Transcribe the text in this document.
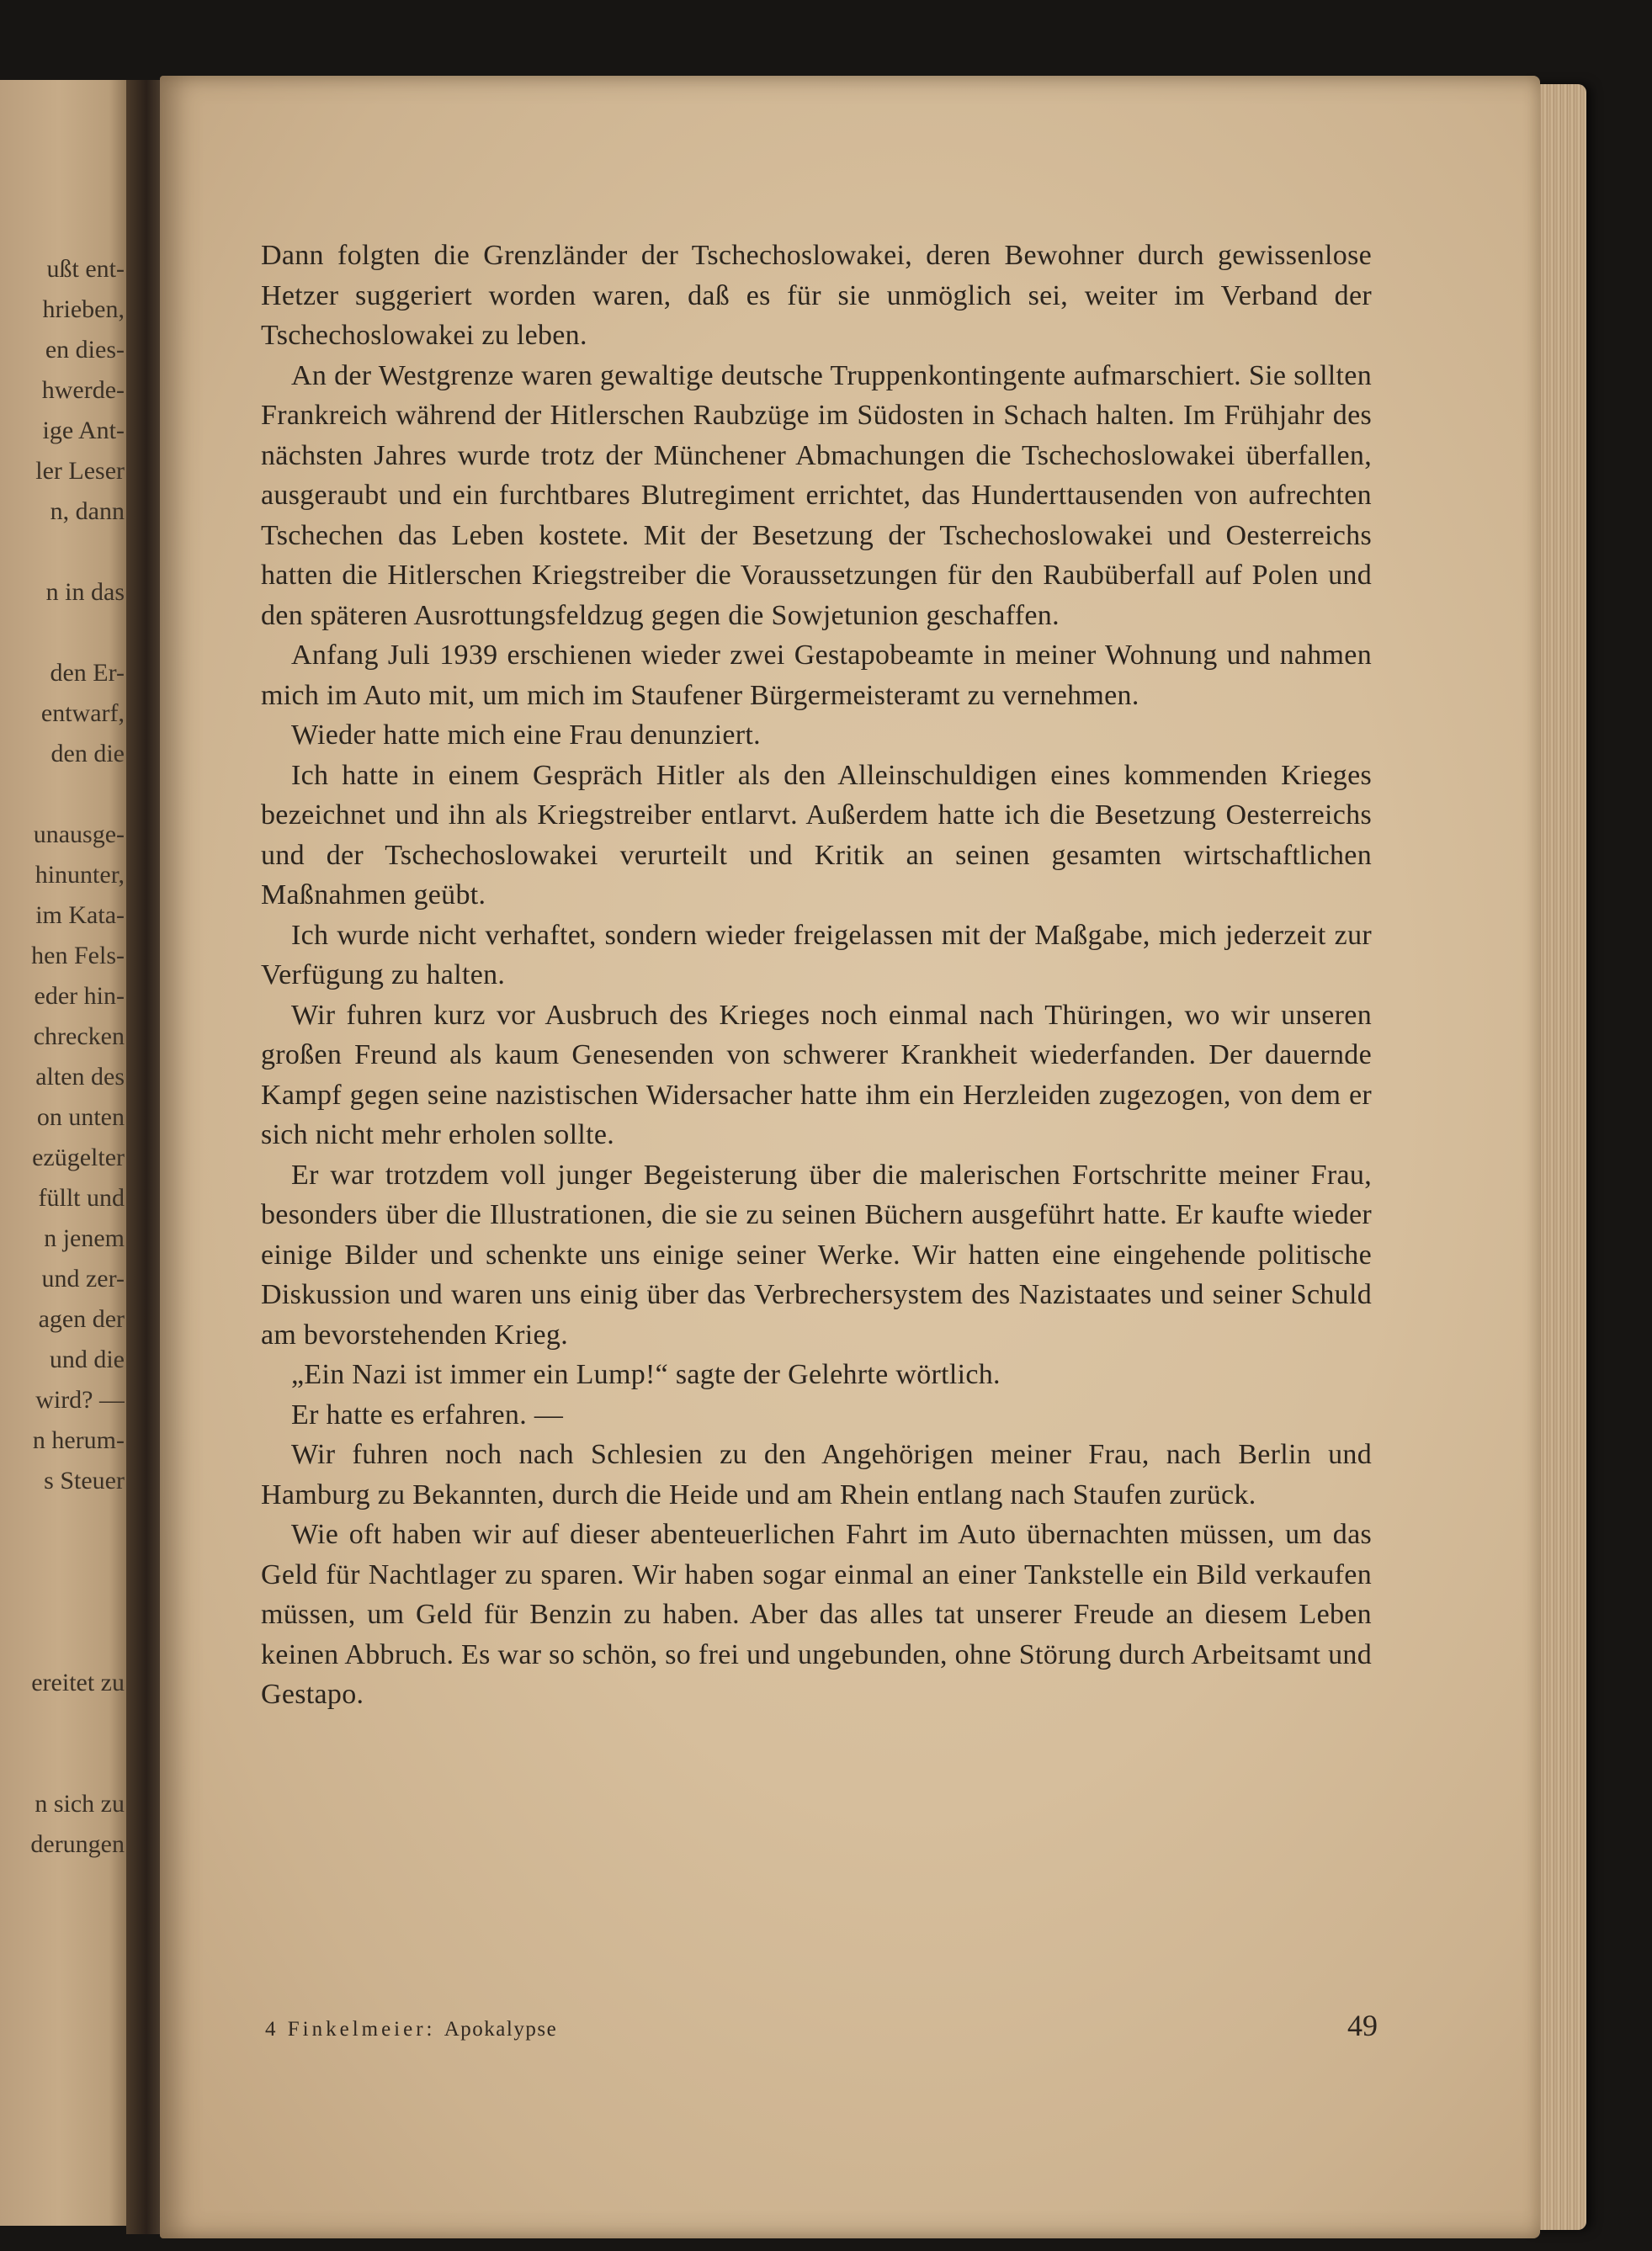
ußt ent-
hrieben,
en dies-
hwerde-
ige Ant-
ler Leser
n, dann
n in das
den Er-
entwarf,
den die
unausge-
hinunter,
im Kata-
hen Fels-
eder hin-
chrecken
alten des
on unten
ezügelter
füllt und
n jenem
und zer-
agen der
und die
wird? —
n herum-
s Steuer
ereitet zu
n sich zu
derungen

Dann folgten die Grenzländer der Tschechoslowakei, deren Bewohner durch gewissenlose Hetzer suggeriert worden waren, daß es für sie unmöglich sei, weiter im Verband der Tschechoslowakei zu leben.

An der Westgrenze waren gewaltige deutsche Truppenkontingente aufmarschiert. Sie sollten Frankreich während der Hitlerschen Raubzüge im Südosten in Schach halten. Im Frühjahr des nächsten Jahres wurde trotz der Münchener Abmachungen die Tschechoslowakei überfallen, ausgeraubt und ein furchtbares Blutregiment errichtet, das Hunderttausenden von aufrechten Tschechen das Leben kostete. Mit der Besetzung der Tschechoslowakei und Oesterreichs hatten die Hitlerschen Kriegstreiber die Voraussetzungen für den Raubüberfall auf Polen und den späteren Ausrottungsfeldzug gegen die Sowjetunion geschaffen.

Anfang Juli 1939 erschienen wieder zwei Gestapobeamte in meiner Wohnung und nahmen mich im Auto mit, um mich im Staufener Bürgermeisteramt zu vernehmen.

Wieder hatte mich eine Frau denunziert.

Ich hatte in einem Gespräch Hitler als den Alleinschuldigen eines kommenden Krieges bezeichnet und ihn als Kriegstreiber entlarvt. Außerdem hatte ich die Besetzung Oesterreichs und der Tschechoslowakei verurteilt und Kritik an seinen gesamten wirtschaftlichen Maßnahmen geübt.

Ich wurde nicht verhaftet, sondern wieder freigelassen mit der Maßgabe, mich jederzeit zur Verfügung zu halten.

Wir fuhren kurz vor Ausbruch des Krieges noch einmal nach Thüringen, wo wir unseren großen Freund als kaum Genesenden von schwerer Krankheit wiederfanden. Der dauernde Kampf gegen seine nazistischen Widersacher hatte ihm ein Herzleiden zugezogen, von dem er sich nicht mehr erholen sollte.

Er war trotzdem voll junger Begeisterung über die malerischen Fortschritte meiner Frau, besonders über die Illustrationen, die sie zu seinen Büchern ausgeführt hatte. Er kaufte wieder einige Bilder und schenkte uns einige seiner Werke. Wir hatten eine eingehende politische Diskussion und waren uns einig über das Verbrechersystem des Nazistaates und seiner Schuld am bevorstehenden Krieg.

„Ein Nazi ist immer ein Lump!“ sagte der Gelehrte wörtlich.

Er hatte es erfahren. —

Wir fuhren noch nach Schlesien zu den Angehörigen meiner Frau, nach Berlin und Hamburg zu Bekannten, durch die Heide und am Rhein entlang nach Staufen zurück.

Wie oft haben wir auf dieser abenteuerlichen Fahrt im Auto übernachten müssen, um das Geld für Nachtlager zu sparen. Wir haben sogar einmal an einer Tankstelle ein Bild verkaufen müssen, um Geld für Benzin zu haben. Aber das alles tat unserer Freude an diesem Leben keinen Abbruch. Es war so schön, so frei und ungebunden, ohne Störung durch Arbeitsamt und Gestapo.

4 Finkelmeier: Apokalypse	49
